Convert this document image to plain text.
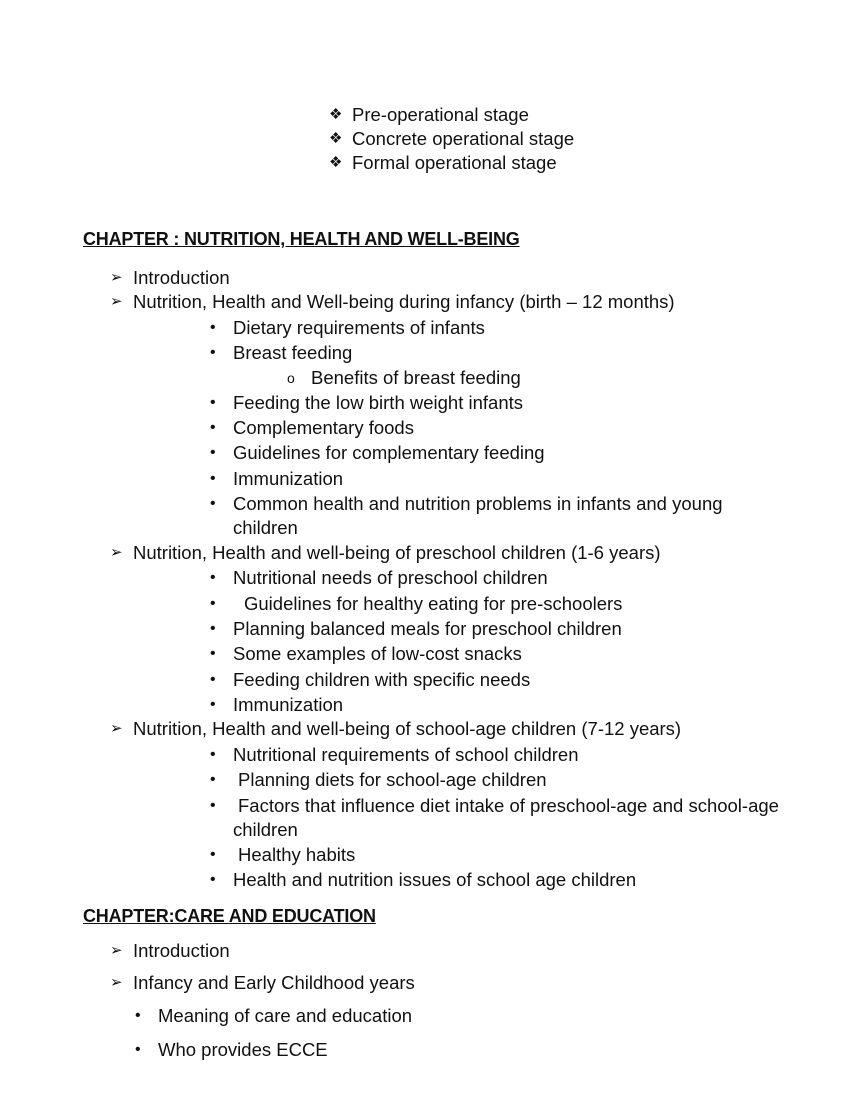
❖ Pre-operational stage
❖ Concrete operational stage
❖ Formal operational stage
CHAPTER : NUTRITION, HEALTH AND WELL-BEING
➢ Introduction
➢ Nutrition, Health and Well-being during infancy (birth – 12 months)
• Dietary requirements of infants
• Breast feeding
o Benefits of breast feeding
• Feeding the low birth weight infants
• Complementary foods
• Guidelines for complementary feeding
• Immunization
• Common health and nutrition problems in infants and young
children
➢ Nutrition, Health and well-being of preschool children (1-6 years)
• Nutritional needs of preschool children
• Guidelines for healthy eating for pre-schoolers
• Planning balanced meals for preschool children
• Some examples of low-cost snacks
• Feeding children with specific needs
• Immunization
➢ Nutrition, Health and well-being of school-age children (7-12 years)
• Nutritional requirements of school children
• Planning diets for school-age children
• Factors that influence diet intake of preschool-age and school-age
children
• Healthy habits
• Health and nutrition issues of school age children
CHAPTER:CARE AND EDUCATION
➢ Introduction
➢ Infancy and Early Childhood years
• Meaning of care and education
• Who provides ECCE
